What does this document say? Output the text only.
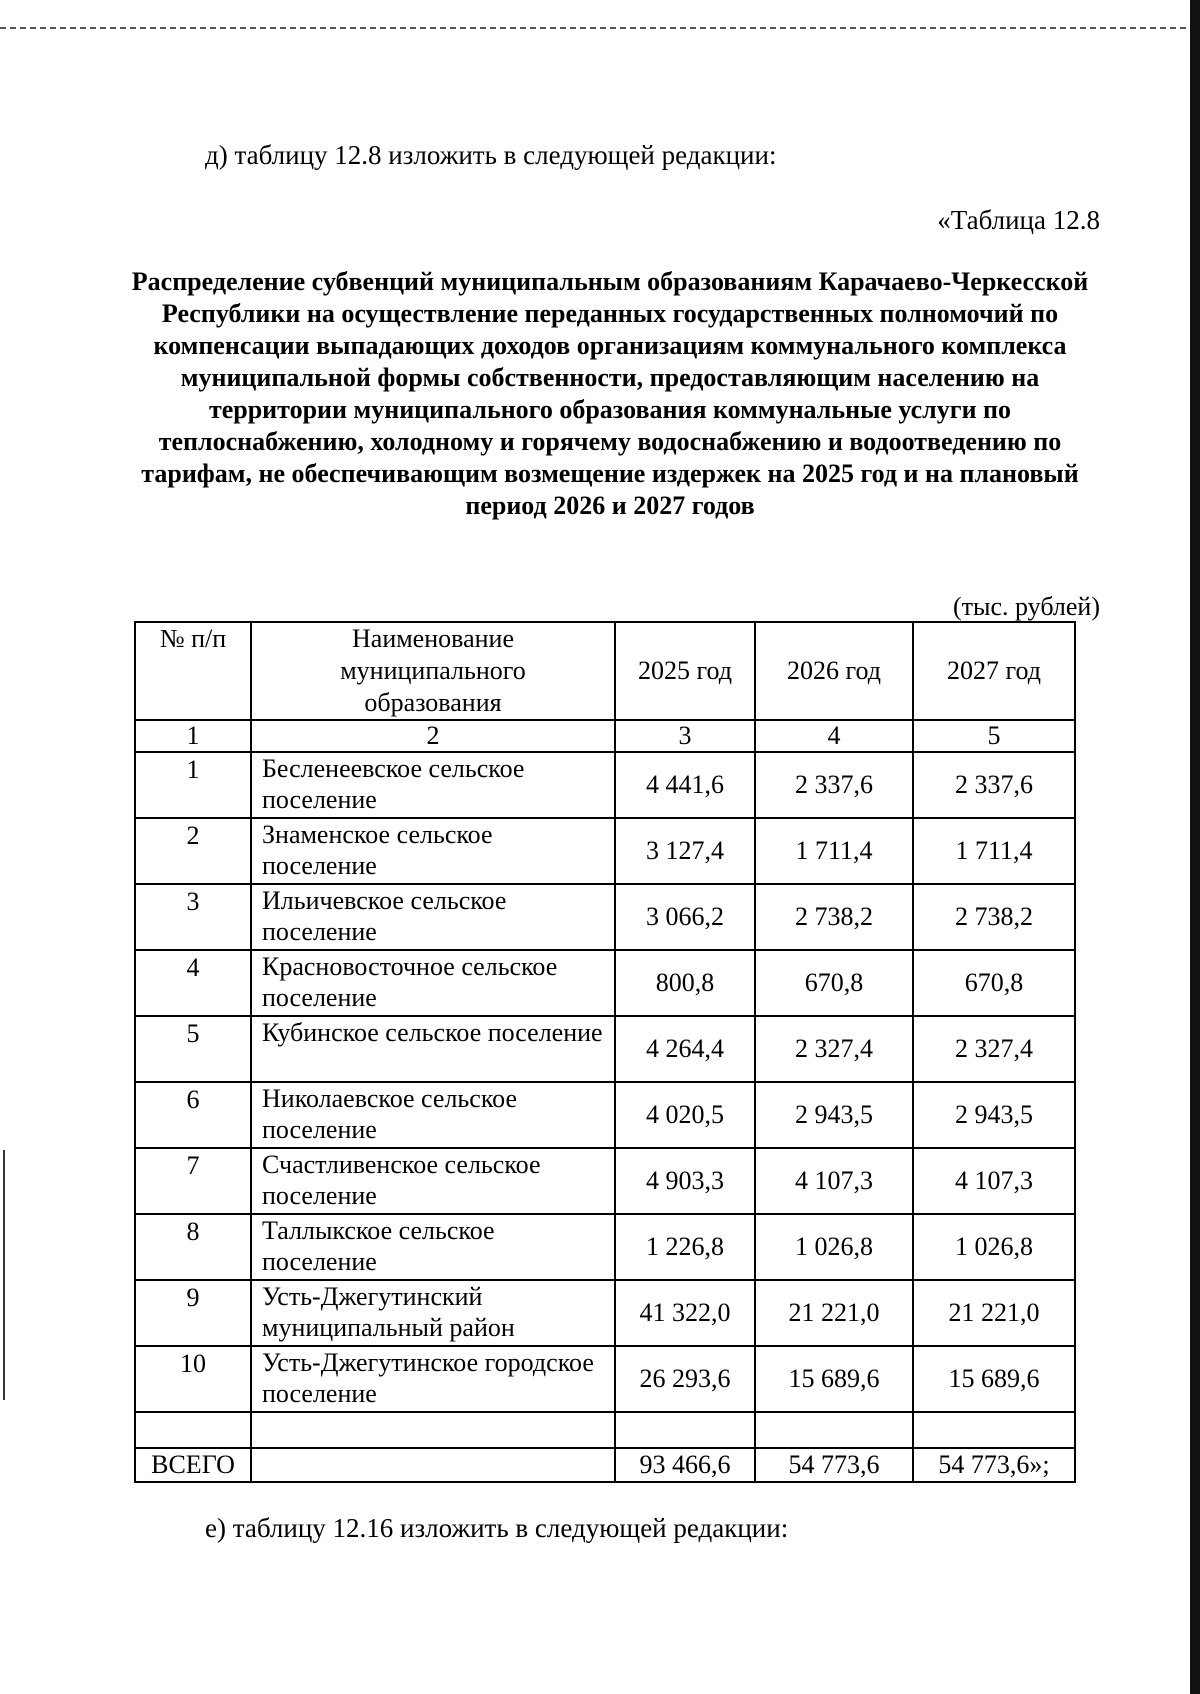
д) таблицу 12.8 изложить в следующей редакции:

«Таблица 12.8

Распределение субвенций муниципальным образованиям Карачаево-Черкесской Республики на осуществление переданных государственных полномочий по компенсации выпадающих доходов организациям коммунального комплекса муниципальной формы собственности, предоставляющим населению на территории муниципального образования коммунальные услуги по теплоснабжению, холодному и горячему водоснабжению и водоотведению по тарифам, не обеспечивающим возмещение издержек на 2025 год и на плановый период 2026 и 2027 годов

(тыс. рублей)

№ п/п	Наименование муниципального образования	2025 год	2026 год	2027 год
1	2	3	4	5
1	Бесленеевское сельское поселение	4 441,6	2 337,6	2 337,6
2	Знаменское сельское поселение	3 127,4	1 711,4	1 711,4
3	Ильичевское сельское поселение	3 066,2	2 738,2	2 738,2
4	Красновосточное сельское поселение	800,8	670,8	670,8
5	Кубинское сельское поселение	4 264,4	2 327,4	2 327,4
6	Николаевское сельское поселение	4 020,5	2 943,5	2 943,5
7	Счастливенское сельское поселение	4 903,3	4 107,3	4 107,3
8	Таллыкское сельское поселение	1 226,8	1 026,8	1 026,8
9	Усть-Джегутинский муниципальный район	41 322,0	21 221,0	21 221,0
10	Усть-Джегутинское городское поселение	26 293,6	15 689,6	15 689,6

ВСЕГО		93 466,6	54 773,6	54 773,6»;

е) таблицу 12.16 изложить в следующей редакции:
